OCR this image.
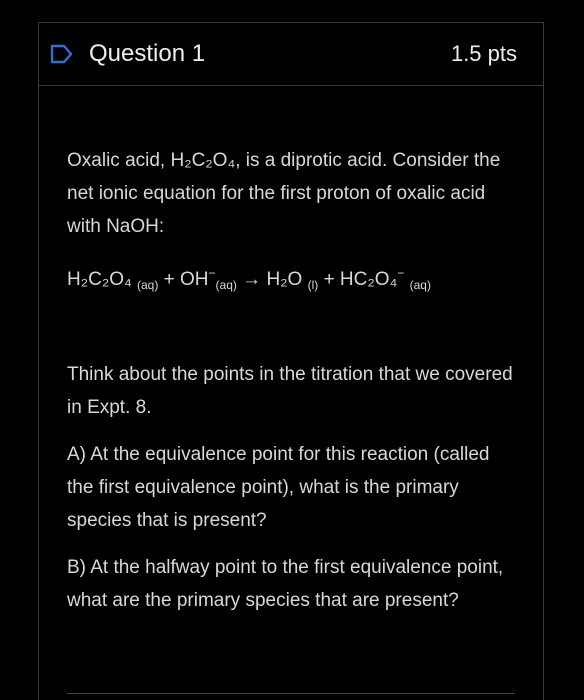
Question 1	1.5 pts

Oxalic acid, H₂C₂O₄, is a diprotic acid. Consider the net ionic equation for the first proton of oxalic acid with NaOH:

H₂C₂O₄ $_{(aq)} + OH^-_{(aq)} \to H_2O$ $_{(l)}$ + HC₂O₄− $_{(aq)}$

Think about the points in the titration that we covered in Expt. 8.

A) At the equivalence point for this reaction (called the first equivalence point), what is the primary species that is present?

B) At the halfway point to the first equivalence point, what are the primary species that are present?
